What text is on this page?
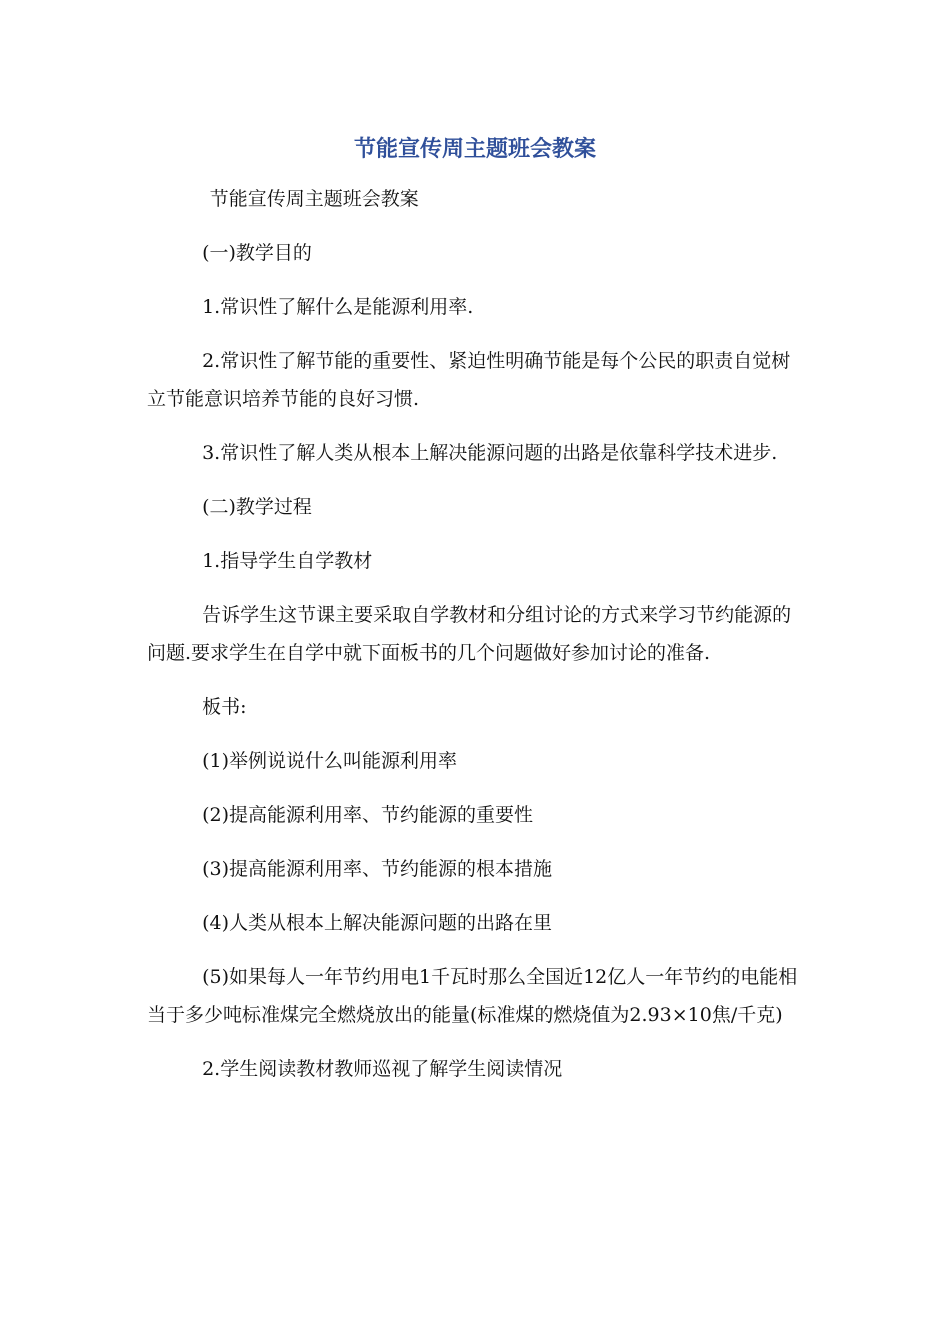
节能宣传周主题班会教案

节能宣传周主题班会教案

(一)教学目的

1.常识性了解什么是能源利用率.

2.常识性了解节能的重要性、紧迫性明确节能是每个公民的职责自觉树立节能意识培养节能的良好习惯.

3.常识性了解人类从根本上解决能源问题的出路是依靠科学技术进步.

(二)教学过程

1.指导学生自学教材

告诉学生这节课主要采取自学教材和分组讨论的方式来学习节约能源的问题.要求学生在自学中就下面板书的几个问题做好参加讨论的准备.

板书:

(1)举例说说什么叫能源利用率

(2)提高能源利用率、节约能源的重要性

(3)提高能源利用率、节约能源的根本措施

(4)人类从根本上解决能源问题的出路在里

(5)如果每人一年节约用电1千瓦时那么全国近12亿人一年节约的电能相当于多少吨标准煤完全燃烧放出的能量(标准煤的燃烧值为2.93×10焦/千克)

2.学生阅读教材教师巡视了解学生阅读情况
